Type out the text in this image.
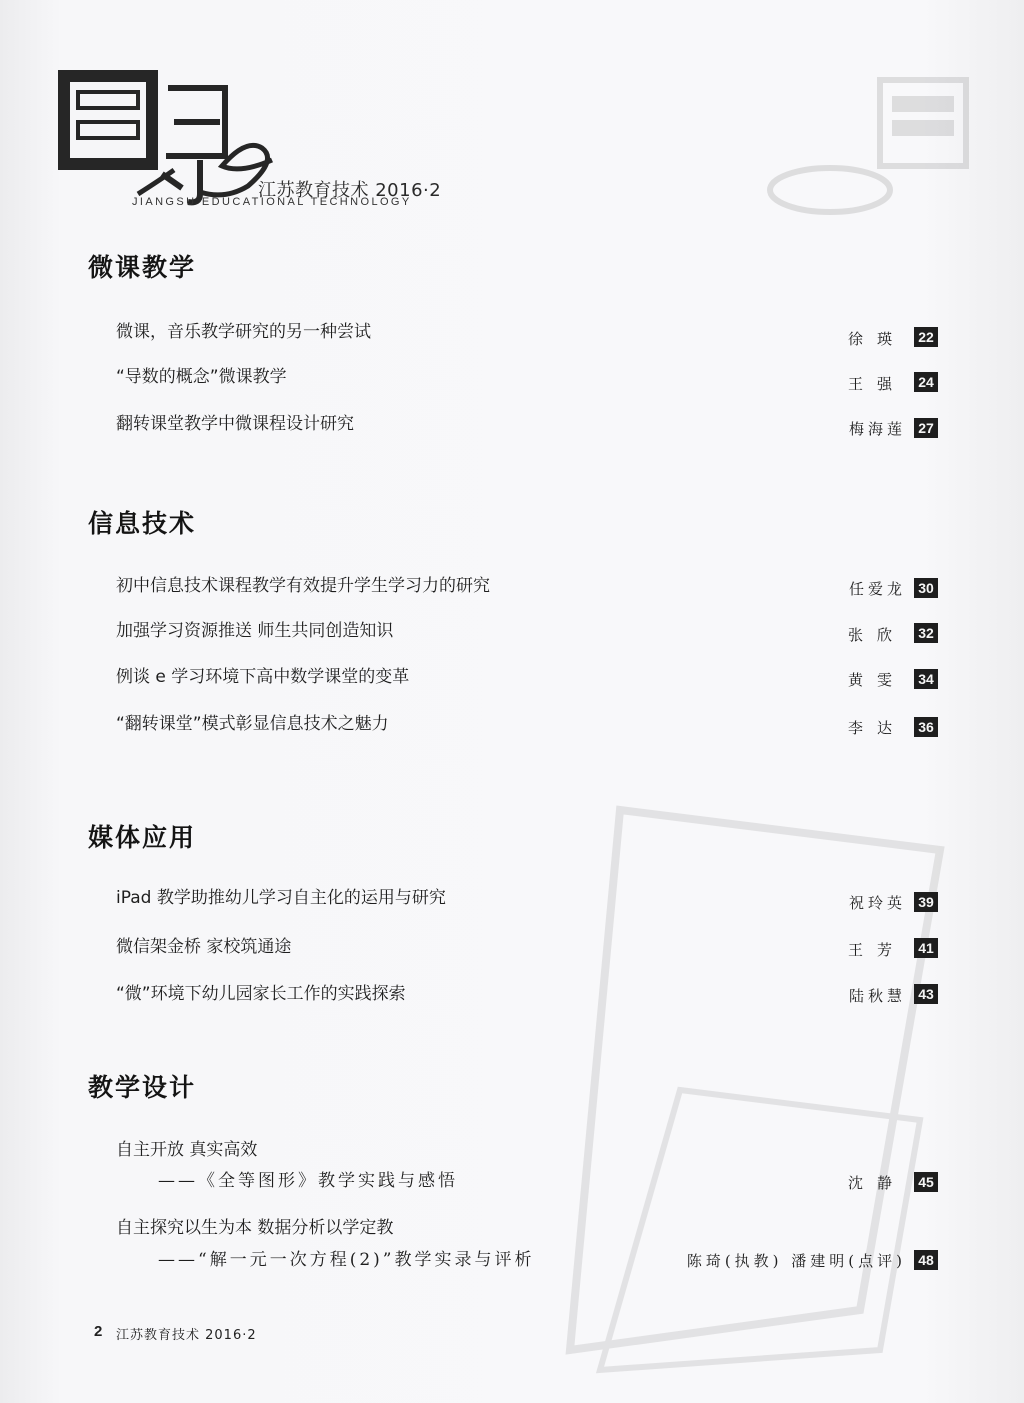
江苏教育技术 2016·2
JIANGSU EDUCATIONAL TECHNOLOGY
微课教学
微课，音乐教学研究的另一种尝试	徐瑛 22
“导数的概念”微课教学	王强 24
翻转课堂教学中微课程设计研究	梅海莲 27
信息技术
初中信息技术课程教学有效提升学生学习力的研究	任爱龙 30
加强学习资源推送 师生共同创造知识	张欣 32
例谈 e 学习环境下高中数学课堂的变革	黄雯 34
“翻转课堂”模式彰显信息技术之魅力	李达 36
媒体应用
iPad 教学助推幼儿学习自主化的运用与研究	祝玲英 39
微信架金桥 家校筑通途	王芳 41
“微”环境下幼儿园家长工作的实践探索	陆秋慧 43
教学设计
自主开放 真实高效
——《全等图形》教学实践与感悟	沈静 45
自主探究以生为本 数据分析以学定教
——“解一元一次方程(2)”教学实录与评析	陈琦(执教) 潘建明(点评) 48
2 江苏教育技术 2016·2
